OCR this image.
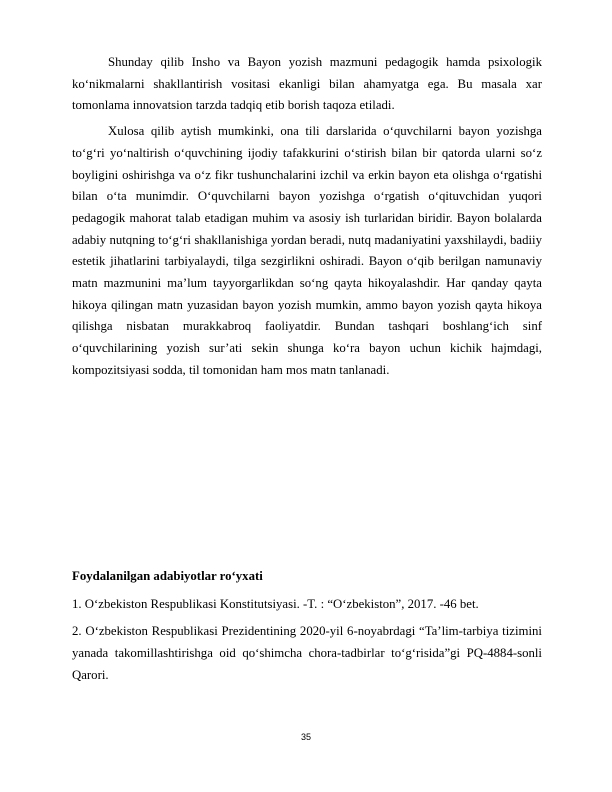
Shunday qilib Insho va Bayon yozish mazmuni pedagogik hamda psixologik ko‘nikmalarni shakllantirish vositasi ekanligi bilan ahamyatga ega. Bu masala xar tomonlama innovatsion tarzda tadqiq etib borish taqoza etiladi.

Xulosa qilib aytish mumkinki, ona tili darslarida o‘quvchilarni bayon yozishga to‘g‘ri yo‘naltirish o‘quvchining ijodiy tafakkurini o‘stirish bilan bir qatorda ularni so‘z boyligini oshirishga va o‘z fikr tushunchalarini izchil va erkin bayon eta olishga o‘rgatishi bilan o‘ta munimdir. O‘quvchilarni bayon yozishga o‘rgatish o‘qituvchidan yuqori pedagogik mahorat talab etadigan muhim va asosiy ish turlaridan biridir. Bayon bolalarda adabiy nutqning to‘g‘ri shakllanishiga yordan beradi, nutq madaniyatini yaxshilaydi, badiiy estetik jihatlarini tarbiyalaydi, tilga sezgirlikni oshiradi. Bayon o‘qib berilgan namunaviy matn mazmunini ma’lum tayyorgarlikdan so‘ng qayta hikoyalashdir. Har qanday qayta hikoya qilingan matn yuzasidan bayon yozish mumkin, ammo bayon yozish qayta hikoya qilishga nisbatan murakkabroq faoliyatdir. Bundan tashqari boshlang‘ich sinf o‘quvchilarining yozish sur’ati sekin shunga ko‘ra bayon uchun kichik hajmdagi, kompozitsiyasi sodda, til tomonidan ham mos matn tanlanadi.

Foydalanilgan adabiyotlar ro‘yxati

1. O‘zbekiston Respublikasi Konstitutsiyasi. -T. : “O‘zbekiston”, 2017. -46 bet.

2. O‘zbekiston Respublikasi Prezidentining 2020-yil 6-noyabrdagi “Ta’lim-tarbiya tizimini yanada takomillashtirishga oid qo‘shimcha chora-tadbirlar to‘g‘risida”gi PQ-4884-sonli Qarori.

35
